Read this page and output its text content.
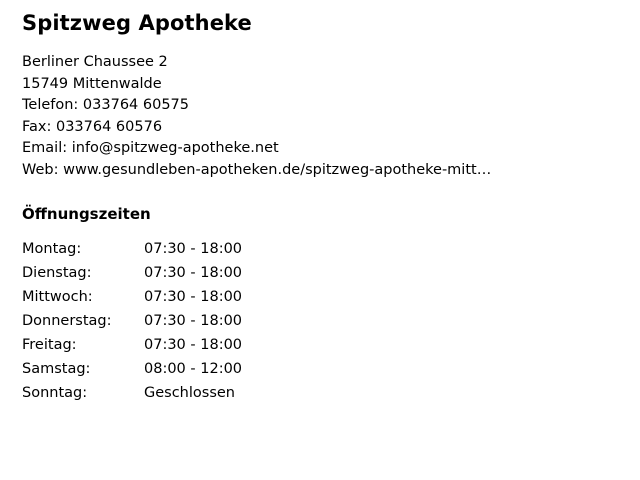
Spitzweg Apotheke
Berliner Chaussee 2
15749 Mittenwalde
Telefon: 033764 60575
Fax: 033764 60576
Email: info@spitzweg-apotheke.net
Web: www.gesundleben-apotheken.de/spitzweg-apotheke-mitt…
Öffnungszeiten
Montag:	07:30 - 18:00
Dienstag:	07:30 - 18:00
Mittwoch:	07:30 - 18:00
Donnerstag:	07:30 - 18:00
Freitag:	07:30 - 18:00
Samstag:	08:00 - 12:00
Sonntag:	Geschlossen
